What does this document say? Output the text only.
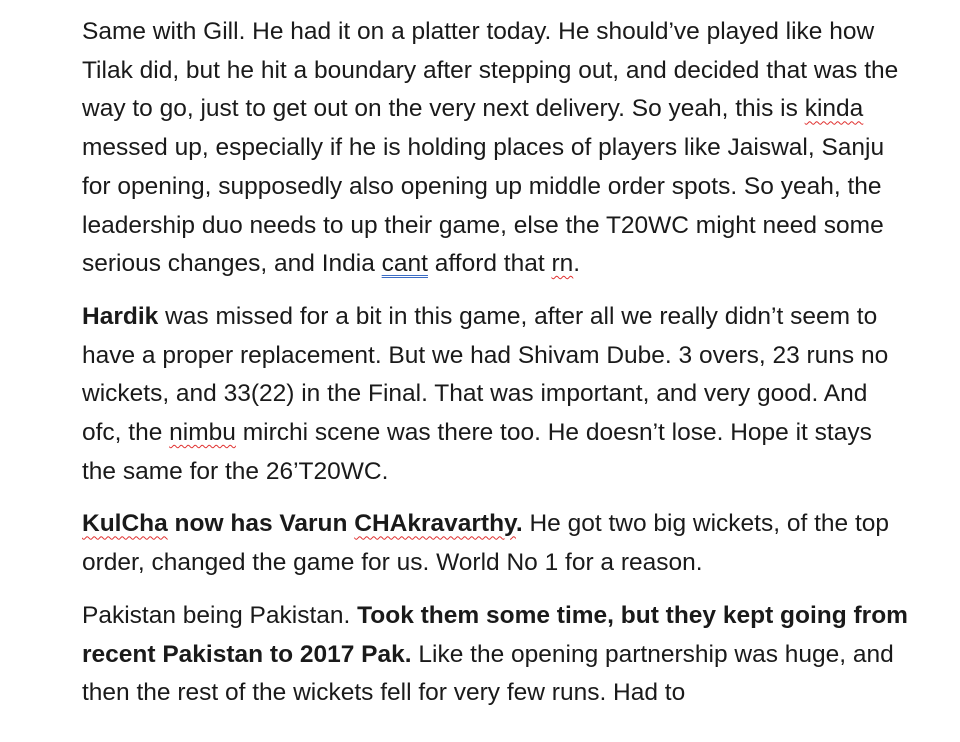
Same with Gill. He had it on a platter today. He should’ve played like how Tilak did, but he hit a boundary after stepping out, and decided that was the way to go, just to get out on the very next delivery. So yeah, this is kinda messed up, especially if he is holding places of players like Jaiswal, Sanju for opening, supposedly also opening up middle order spots. So yeah, the leadership duo needs to up their game, else the T20WC might need some serious changes, and India cant afford that rn.

Hardik was missed for a bit in this game, after all we really didn’t seem to have a proper replacement. But we had Shivam Dube. 3 overs, 23 runs no wickets, and 33(22) in the Final. That was important, and very good. And ofc, the nimbu mirchi scene was there too. He doesn’t lose. Hope it stays the same for the 26’T20WC.

KulCha now has Varun CHAkravarthy. He got two big wickets, of the top order, changed the game for us. World No 1 for a reason.

Pakistan being Pakistan. Took them some time, but they kept going from recent Pakistan to 2017 Pak. Like the opening partnership was huge, and then the rest of the wickets fell for very few runs. Had to
